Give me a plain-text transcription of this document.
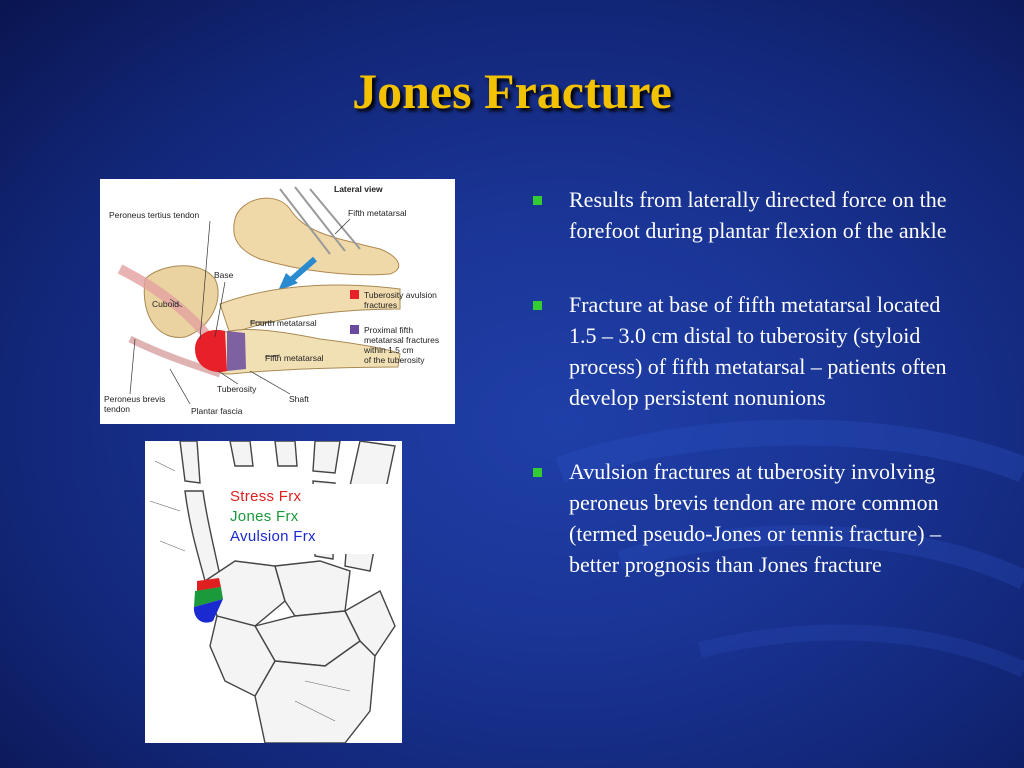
Jones Fracture
Lateral view
Peroneus tertius tendon	Fifth metatarsal
Base
Cuboid
Fourth metatarsal
Fifth metatarsal
Tuberosity
Shaft
Peroneus brevis
tendon	Plantar fascia
Tuberosity avulsion
fractures
Proximal fifth
metatarsal fractures
within 1.5 cm
of the tuberosity
Stress Frx
Jones Frx
Avulsion Frx
Results from laterally directed force on the forefoot during plantar flexion of the ankle
Fracture at base of fifth metatarsal located 1.5 – 3.0 cm distal to tuberosity (styloid process) of fifth metatarsal – patients often develop persistent nonunions
Avulsion fractures at tuberosity involving peroneus brevis tendon are more common (termed pseudo-Jones or tennis fracture) – better prognosis than Jones fracture
